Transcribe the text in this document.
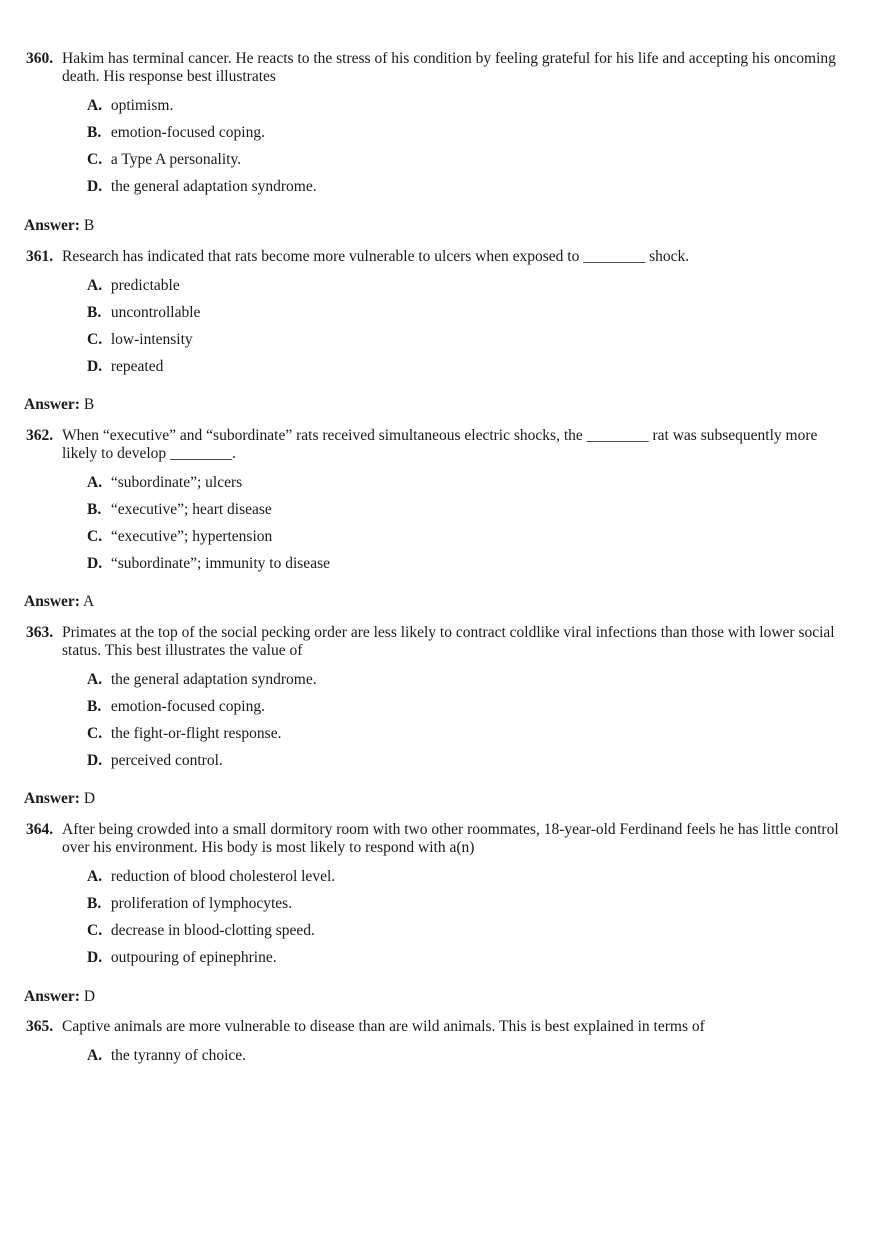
360. Hakim has terminal cancer. He reacts to the stress of his condition by feeling grateful for his life and accepting his oncoming death. His response best illustrates
A. optimism.
B. emotion-focused coping.
C. a Type A personality.
D. the general adaptation syndrome.
Answer: B
361. Research has indicated that rats become more vulnerable to ulcers when exposed to ________ shock.
A. predictable
B. uncontrollable
C. low-intensity
D. repeated
Answer: B
362. When “executive” and “subordinate” rats received simultaneous electric shocks, the ________ rat was subsequently more likely to develop ________.
A. “subordinate”; ulcers
B. “executive”; heart disease
C. “executive”; hypertension
D. “subordinate”; immunity to disease
Answer: A
363. Primates at the top of the social pecking order are less likely to contract coldlike viral infections than those with lower social status. This best illustrates the value of
A. the general adaptation syndrome.
B. emotion-focused coping.
C. the fight-or-flight response.
D. perceived control.
Answer: D
364. After being crowded into a small dormitory room with two other roommates, 18-year-old Ferdinand feels he has little control over his environment. His body is most likely to respond with a(n)
A. reduction of blood cholesterol level.
B. proliferation of lymphocytes.
C. decrease in blood-clotting speed.
D. outpouring of epinephrine.
Answer: D
365. Captive animals are more vulnerable to disease than are wild animals. This is best explained in terms of
A. the tyranny of choice.
